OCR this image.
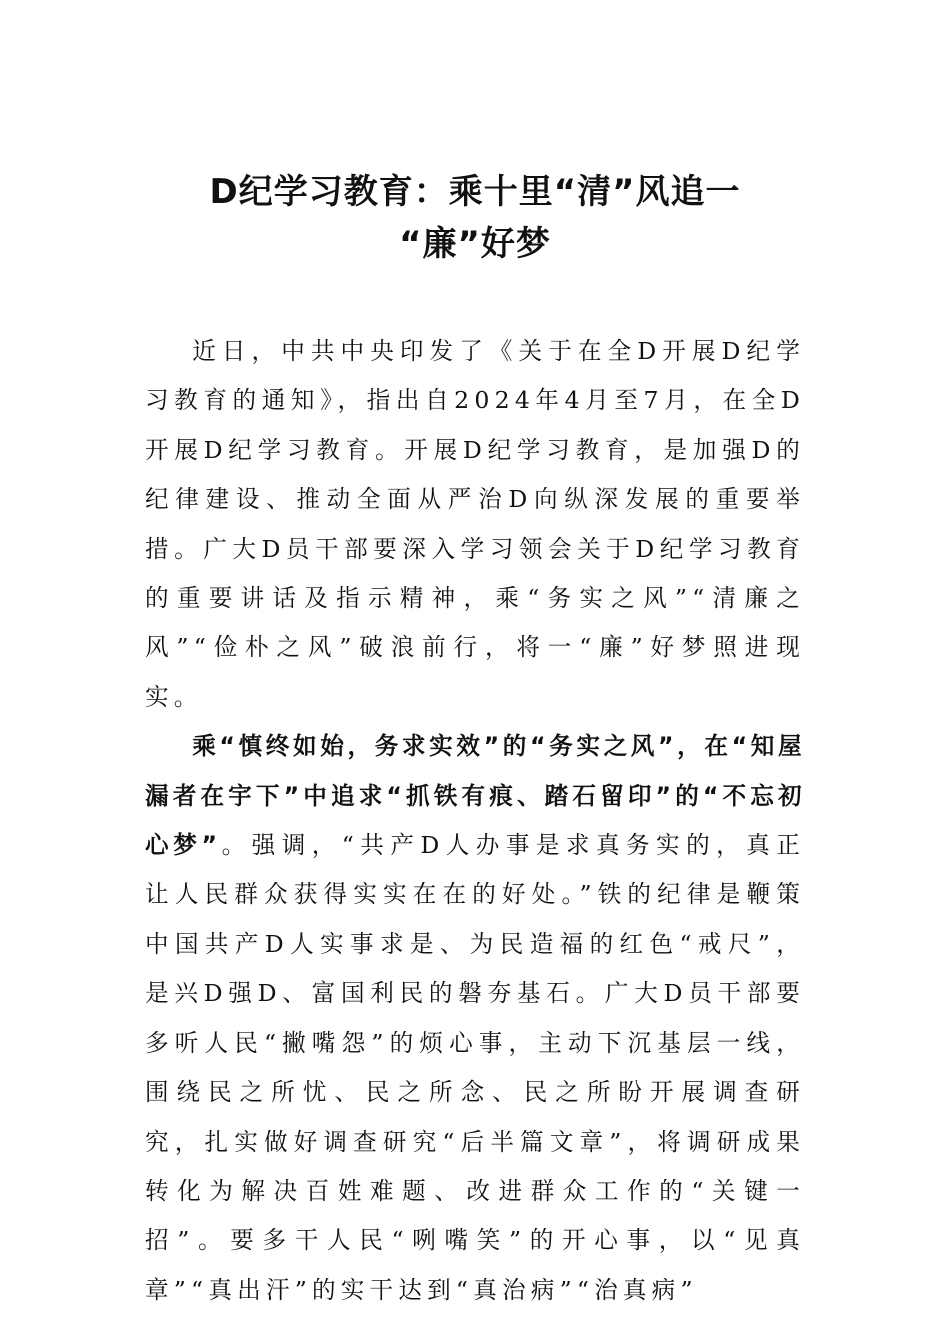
D纪学习教育：乘十里“清”风追一
“廉”好梦

近日，中共中央印发了《关于在全D开展D纪学习教育的通知》，指出自2024年4月至7月，在全D开展D纪学习教育。开展D纪学习教育，是加强D的纪律建设、推动全面从严治D向纵深发展的重要举措。广大D员干部要深入学习领会关于D纪学习教育的重要讲话及指示精神，乘“务实之风”“清廉之风”“俭朴之风”破浪前行，将一“廉”好梦照进现实。

乘“慎终如始，务求实效”的“务实之风”，在“知屋漏者在宇下”中追求“抓铁有痕、踏石留印”的“不忘初心梦”。强调，“共产D人办事是求真务实的，真正让人民群众获得实实在在的好处。”铁的纪律是鞭策中国共产D人实事求是、为民造福的红色“戒尺”，是兴D强D、富国利民的磐夯基石。广大D员干部要多听人民“撇嘴怨”的烦心事，主动下沉基层一线，围绕民之所忧、民之所念、民之所盼开展调查研究，扎实做好调查研究“后半篇文章”，将调研成果转化为解决百姓难题、改进群众工作的“关键一招”。要多干人民“咧嘴笑”的开心事，以“见真章”“真出汗”的实干达到“真治病”“治真病”
